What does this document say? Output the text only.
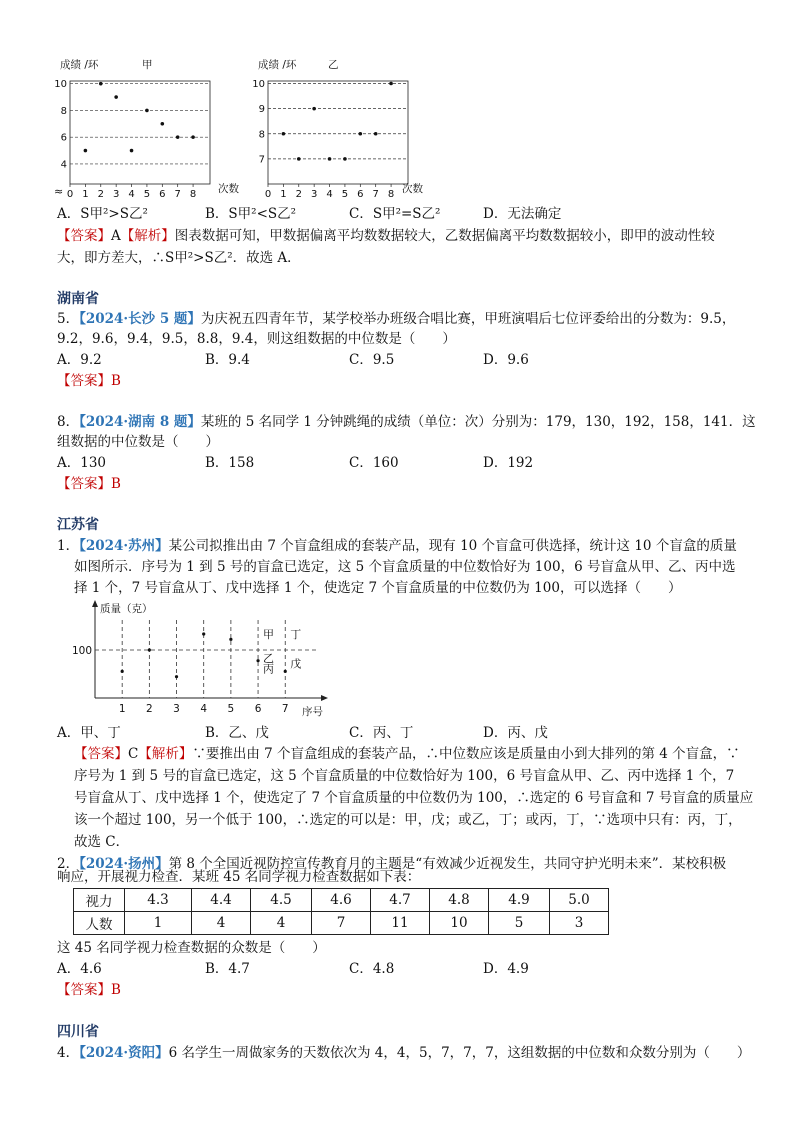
成绩 /环	甲
4
6
8
10
0 1 2 3 4 5 6 7 8
≈	次数
成绩 /环	乙
7
8
9
10
0 1 2 3 4 5 6 7 8 次数
A．S甲²>S乙²	B．S甲²<S乙²	C．S甲²=S乙²	D．无法确定
【答案】A【解析】图表数据可知，甲数据偏离平均数数据较大，乙数据偏离平均数数据较小，即甲的波动性较
大，即方差大，∴S甲²>S乙²．故选 A．
湖南省
5．【2024·长沙 5 题】为庆祝五四青年节，某学校举办班级合唱比赛，甲班演唱后七位评委给出的分数为：9.5，
9.2，9.6，9.4，9.5，8.8，9.4，则这组数据的中位数是（　　）
A．9.2	B．9.4	C．9.5	D．9.6
【答案】B
8．【2024·湖南 8 题】某班的 5 名同学 1 分钟跳绳的成绩（单位：次）分别为：179，130，192，158，141．这
组数据的中位数是（　　）
A．130	B．158	C．160	D．192
【答案】B
江苏省
1．【2024·苏州】某公司拟推出由 7 个盲盒组成的套装产品，现有 10 个盲盒可供选择，统计这 10 个盲盒的质量
如图所示．序号为 1 到 5 号的盲盒已选定，这 5 个盲盒质量的中位数恰好为 100，6 号盲盒从甲、乙、丙中选
择 1 个，7 号盲盒从丁、戊中选择 1 个，使选定 7 个盲盒质量的中位数仍为 100，可以选择（　　）
质量（克）
序号
100
1 2 3 4 5 6 7
甲
乙
丙
丁
戊
A．甲、丁	B．乙、戊	C．丙、丁	D．丙、戊
【答案】C【解析】∵要推出由 7 个盲盒组成的套装产品，∴中位数应该是质量由小到大排列的第 4 个盲盒，∵
序号为 1 到 5 号的盲盒已选定，这 5 个盲盒质量的中位数恰好为 100，6 号盲盒从甲、乙、丙中选择 1 个，7
号盲盒从丁、戊中选择 1 个，使选定了 7 个盲盒质量的中位数仍为 100，∴选定的 6 号盲盒和 7 号盲盒的质量应
该一个超过 100，另一个低于 100，∴选定的可以是：甲，戊；或乙，丁；或丙，丁，∵选项中只有：丙，丁，
故选 C．
2．【2024·扬州】第 8 个全国近视防控宣传教育月的主题是“有效减少近视发生，共同守护光明未来”．某校积极
响应，开展视力检查．某班 45 名同学视力检查数据如下表：
视力	4.3	4.4	4.5	4.6	4.7	4.8	4.9	5.0
人数	1	4	4	7	11	10	5	3
这 45 名同学视力检查数据的众数是（　　）
A．4.6	B．4.7	C．4.8	D．4.9
【答案】B
四川省
4．【2024·资阳】6 名学生一周做家务的天数依次为 4，4，5，7，7，7，这组数据的中位数和众数分别为（　　）
